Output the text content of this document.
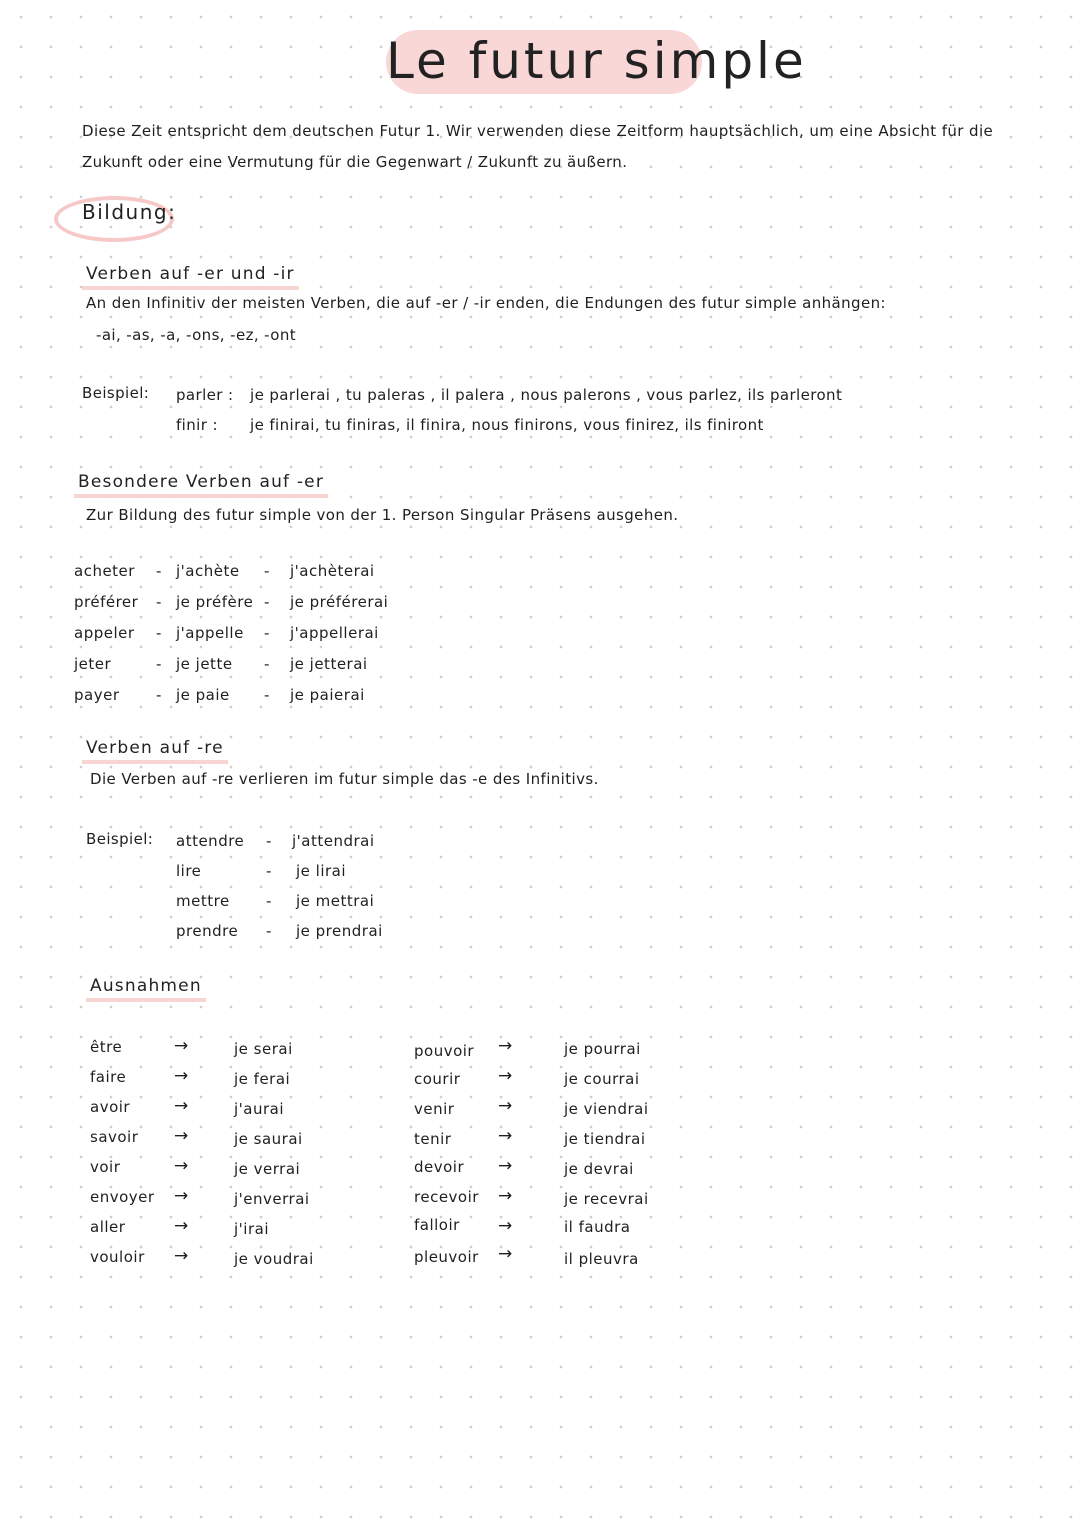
Le futur simple
Diese Zeit entspricht dem deutschen Futur 1. Wir verwenden diese Zeitform hauptsächlich, um eine Absicht für die Zukunft oder eine Vermutung für die Gegenwart / Zukunft zu äußern.
Bildung:
Verben auf -er und -ir
An den Infinitiv der meisten Verben, die auf -er / -ir enden, die Endungen des futur simple anhängen:
-ai, -as, -a, -ons, -ez, -ont
Beispiel: parler : je parlerai , tu paleras , il palera , nous palerons , vous parlez, ils parleront
finir : je finirai, tu finiras, il finira, nous finirons, vous finirez, ils finiront
Besondere Verben auf -er
Zur Bildung des futur simple von der 1. Person Singular Präsens ausgehen.
acheter - j'achète - j'achèterai
préférer - je préfère - je préférerai
appeler - j'appelle - j'appellerai
jeter	- je jette - je jetterai
payer - je paie - je paierai
Verben auf -re
Die Verben auf -re verlieren im futur simple das -e des Infinitivs.
Beispiel: attendre - j'attendrai
lire	- je lirai
mettre - je mettrai
prendre - je prendrai
Ausnahmen
être	→	je serai
faire	→	je ferai
avoir	→	j'aurai
savoir →	je saurai
voir	→	je verrai
envoyer →	j'enverrai
aller	→	j'irai
vouloir →	je voudrai
pouvoir →	je pourrai
courir →	je courrai
venir	→	je viendrai
tenir	→	je tiendrai
devoir →	je devrai
recevoir →	je recevrai
falloir →	il faudra
pleuvoir →	il pleuvra
